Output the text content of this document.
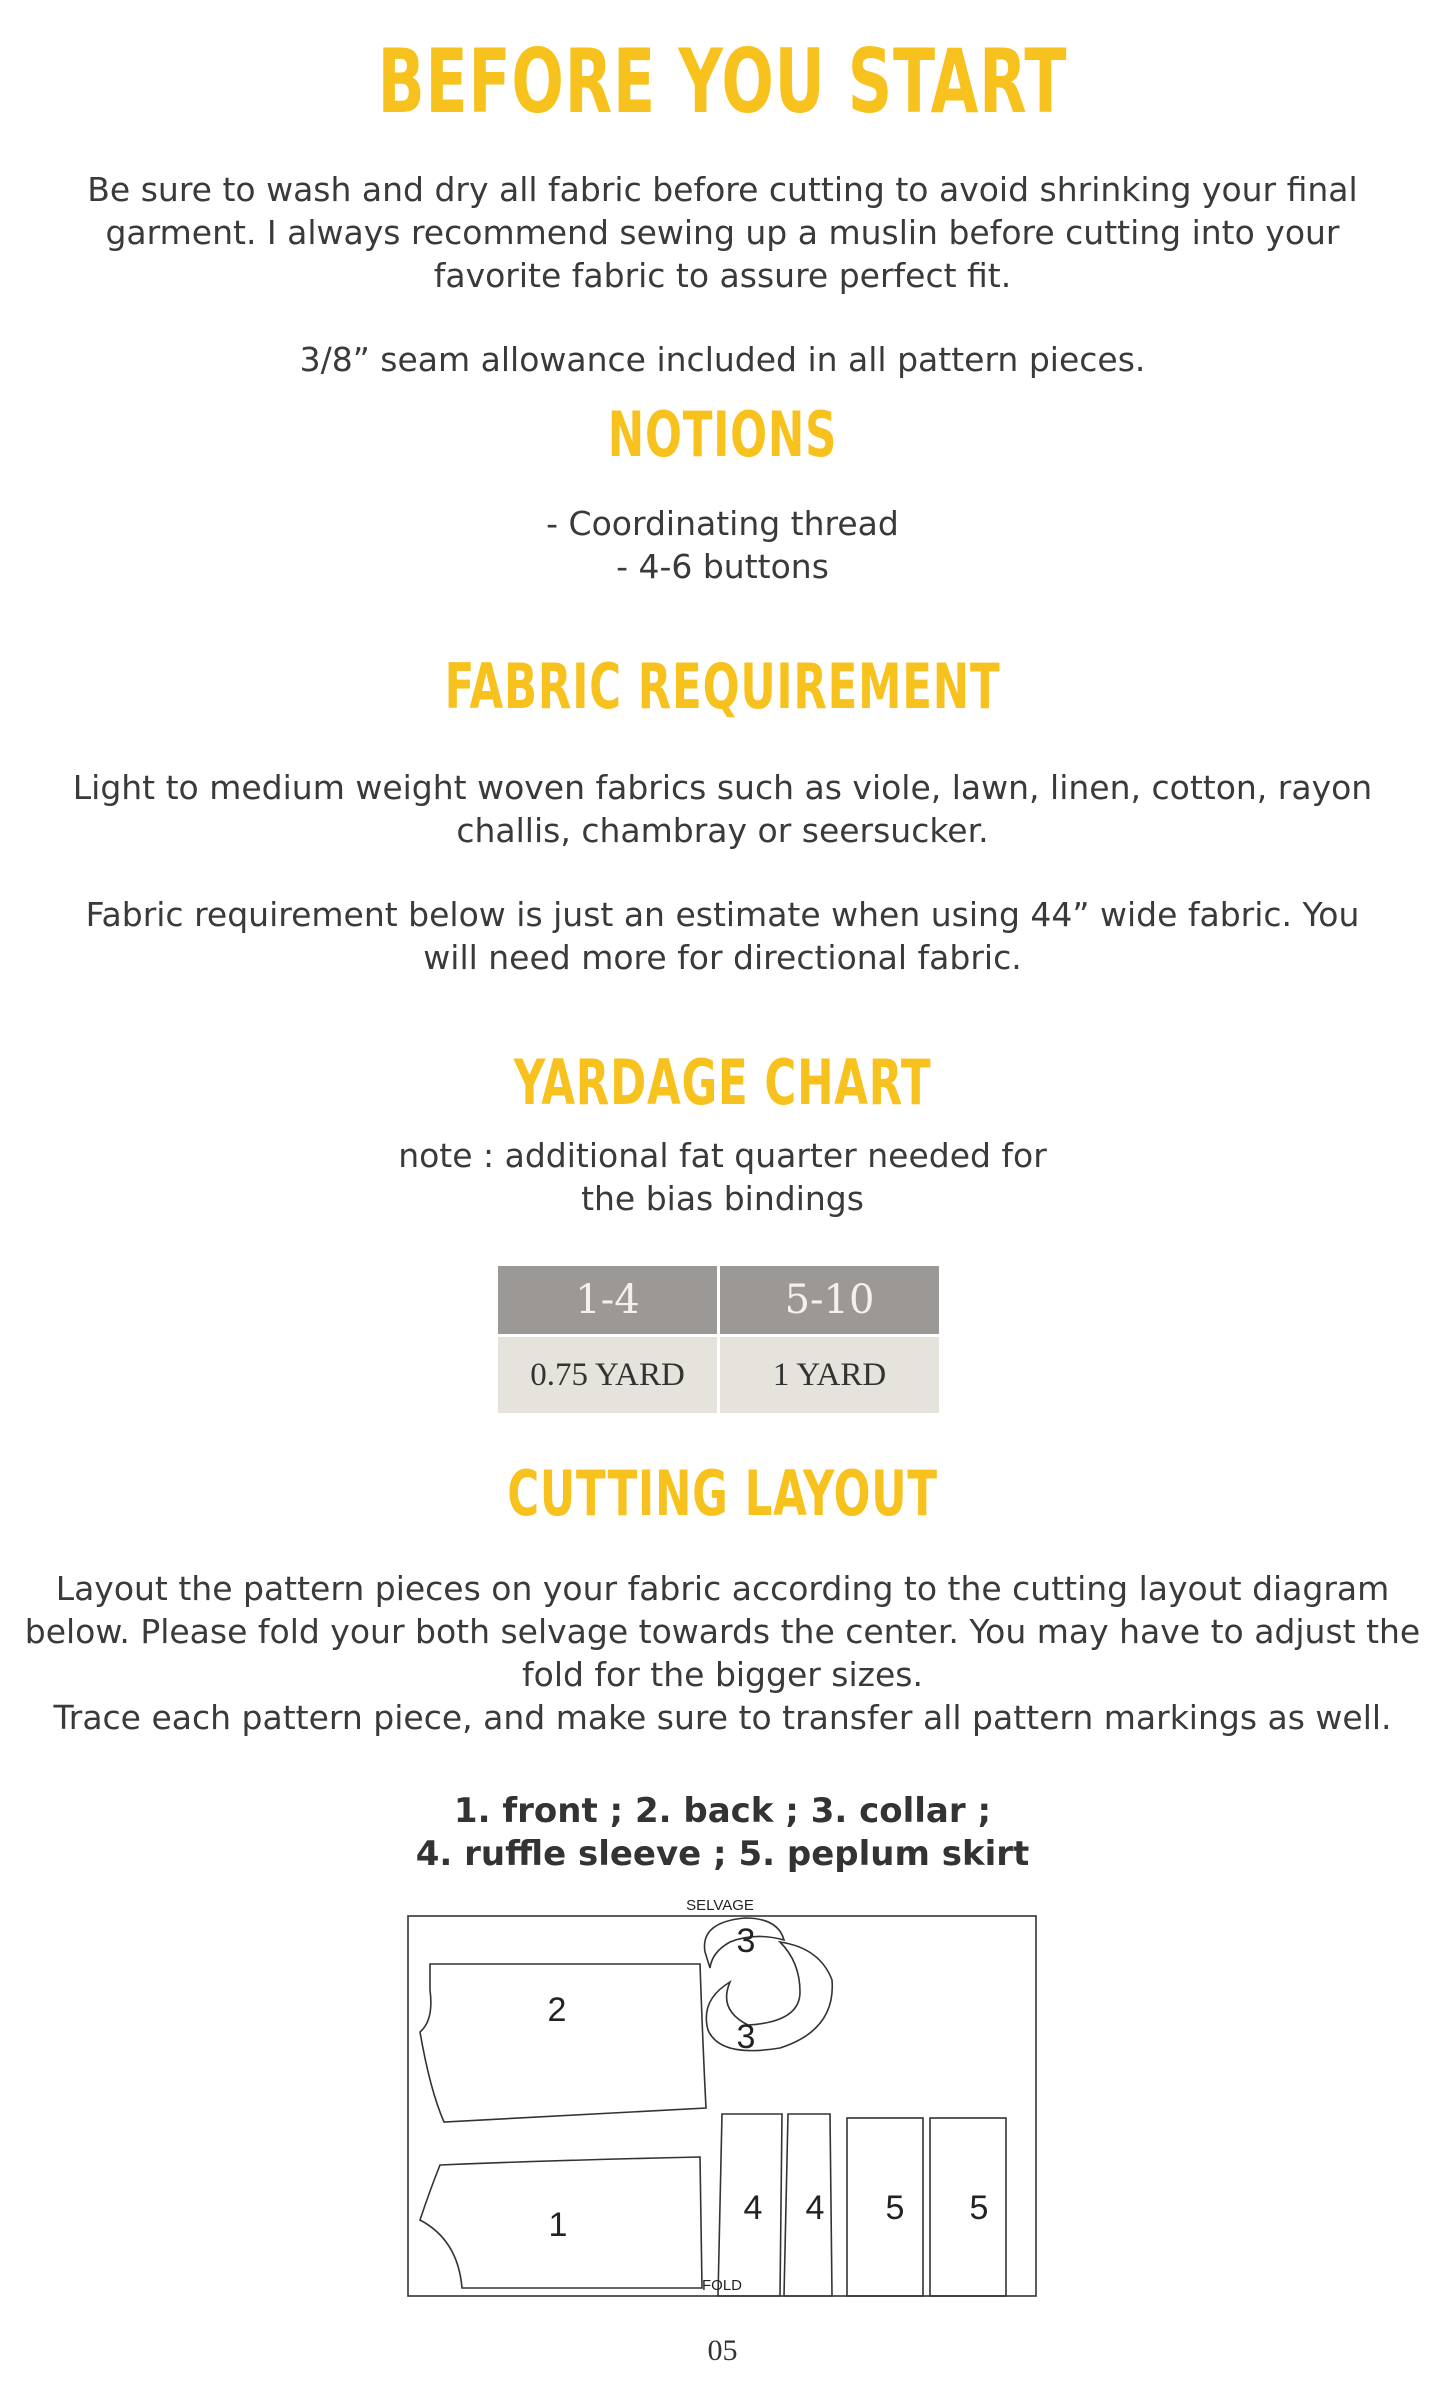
BEFORE YOU START
Be sure to wash and dry all fabric before cutting to avoid shrinking your final
garment. I always recommend sewing up a muslin before cutting into your
favorite fabric to assure perfect fit.
3/8” seam allowance included in all pattern pieces.
NOTIONS
- Coordinating thread
- 4-6 buttons
FABRIC REQUIREMENT
Light to medium weight woven fabrics such as viole, lawn, linen, cotton, rayon
challis, chambray or seersucker.
Fabric requirement below is just an estimate when using 44” wide fabric. You
will need more for directional fabric.
YARDAGE CHART
note : additional fat quarter needed for
the bias bindings
1-4	5-10
0.75 YARD	1 YARD
CUTTING LAYOUT
Layout the pattern pieces on your fabric according to the cutting layout diagram
below. Please fold your both selvage towards the center. You may have to adjust the
fold for the bigger sizes.
Trace each pattern piece, and make sure to transfer all pattern markings as well.
1. front ; 2. back ; 3. collar ;
4. ruffle sleeve ; 5. peplum skirt
SELVAGE
FOLD
2
1
3
3
4 4 5 5
05
